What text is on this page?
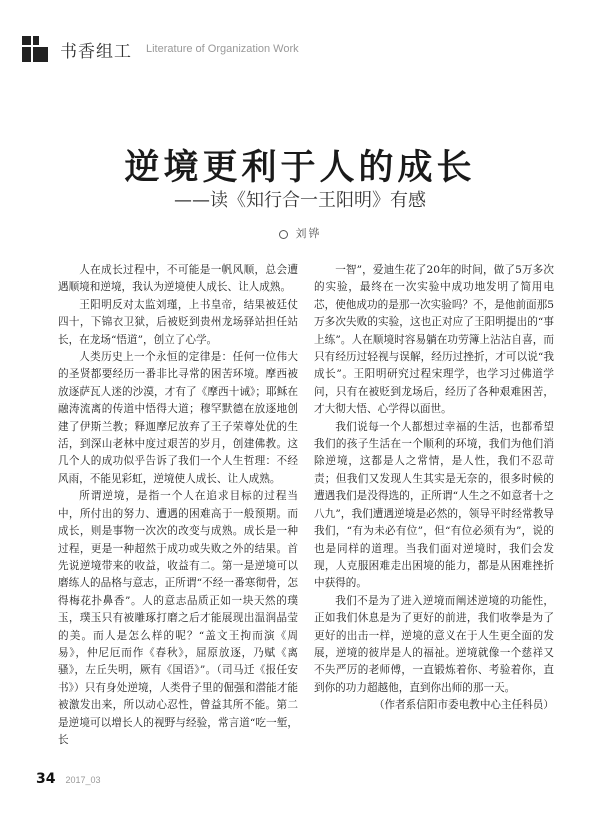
书香组工 Literature of Organization Work
逆境更利于人的成长
——读《知行合一王阳明》有感
刘铧

人在成长过程中，不可能是一帆风顺，总会遭遇顺境和逆境，我认为逆境使人成长、让人成熟。

王阳明反对太监刘瑾，上书皇帝，结果被廷仗四十，下锦衣卫狱，后被贬到贵州龙场驿站担任站长，在龙场“悟道”，创立了心学。

人类历史上一个永恒的定律是：任何一位伟大的圣贤都要经历一番非比寻常的困苦环境。摩西被放逐萨瓦人迷的沙漠，才有了《摩西十诫》；耶稣在融涛流离的传道中悟得大道；穆罕默德在放逐地创建了伊斯兰教；释迦摩尼放弃了王子荣尊处优的生活，到深山老林中度过艰苦的岁月，创建佛教。这几个人的成功似乎告诉了我们一个人生哲理：不经风雨，不能见彩虹，逆境使人成长、让人成熟。

所谓逆境，是指一个人在追求目标的过程当中，所付出的努力、遭遇的困难高于一般预期。而成长，则是事物一次次的改变与成熟。成长是一种过程，更是一种超然于成功或失败之外的结果。首先说逆境带来的收益，收益有二。第一是逆境可以磨练人的品格与意志，正所谓“不经一番寒彻骨，怎得梅花扑鼻香”。人的意志品质正如一块天然的璞玉，璞玉只有被雕琢打磨之后才能展现出温润晶莹的美。而人是怎么样的呢？“盖文王拘而演《周易》，仲尼厄而作《春秋》，屈原放逐，乃赋《离骚》，左丘失明，厥有《国语》”。（司马迁《报任安书》）只有身处逆境，人类骨子里的倔强和潜能才能被激发出来，所以动心忍性，曾益其所不能。第二是逆境可以增长人的视野与经验，常言道“吃一堑，长

一智”，爱迪生花了20年的时间，做了5万多次的实验，最终在一次实验中成功地发明了简用电芯，使他成功的是那一次实验吗？不，是他前面那5万多次失败的实验，这也正对应了王阳明提出的“事上练”。人在顺境时容易躺在功劳簿上沾沾自喜，而只有经历过轻视与误解，经历过挫折，才可以说“我成长”。王阳明研究过程宋理学，也学习过佛道学问，只有在被贬到龙场后，经历了各种艰难困苦，才大彻大悟、心学得以面世。

我们说每一个人都想过幸福的生活，也都希望我们的孩子生活在一个顺利的环境，我们为他们消除逆境，这都是人之常情，是人性，我们不忍苛责；但我们又发现人生其实是无奈的，很多时候的遭遇我们是没得选的，正所谓“人生之不如意者十之八九”，我们遭遇逆境是必然的，领导平时经常教导我们，“有为未必有位”，但“有位必须有为”，说的也是同样的道理。当我们面对逆境时，我们会发现，人克服困难走出困境的能力，都是从困难挫折中获得的。

我们不是为了进入逆境而阐述逆境的功能性，正如我们休息是为了更好的前进，我们收拳是为了更好的出击一样，逆境的意义在于人生更全面的发展，逆境的彼岸是人的福祉。逆境就像一个慈祥又不失严厉的老师傅，一直锻炼着你、考验着你，直到你的功力超越他，直到你出师的那一天。

（作者系信阳市委电教中心主任科员）

34 2017_03
